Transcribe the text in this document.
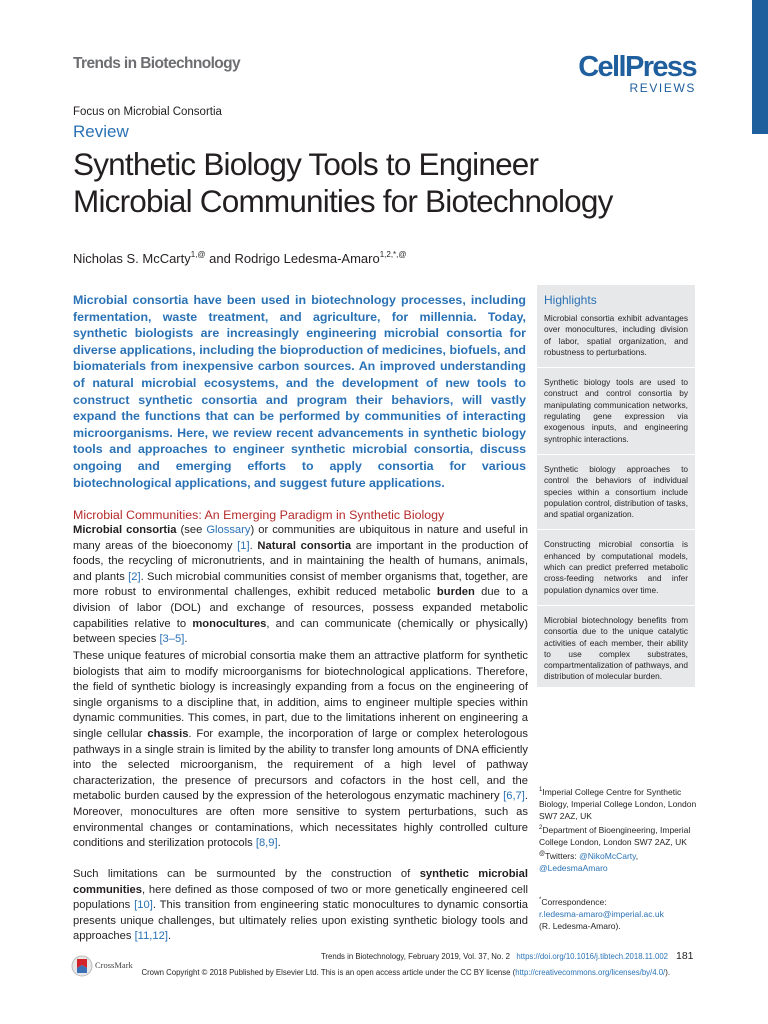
Trends in Biotechnology	CellPress
REVIEWS
Focus on Microbial Consortia
Review
Synthetic Biology Tools to Engineer
Microbial Communities for Biotechnology
Nicholas S. McCarty$^{1,@}$ and Rodrigo Ledesma-Amaro$^{1,2,*,@}$
Microbial consortia have been used in biotechnology processes, including fermentation, waste treatment, and agriculture, for millennia. Today, synthetic biologists are increasingly engineering microbial consortia for diverse applications, including the bioproduction of medicines, biofuels, and biomaterials from inexpensive carbon sources. An improved understanding of natural microbial ecosystems, and the development of new tools to construct synthetic consortia and program their behaviors, will vastly expand the functions that can be performed by communities of interacting microorganisms. Here, we review recent advancements in synthetic biology tools and approaches to engineer synthetic microbial consortia, discuss ongoing and emerging efforts to apply consortia for various biotechnological applications, and suggest future applications.
Microbial Communities: An Emerging Paradigm in Synthetic Biology
Microbial consortia (see Glossary) or communities are ubiquitous in nature and useful in many areas of the bioeconomy [1]. Natural consortia are important in the production of foods, the recycling of micronutrients, and in maintaining the health of humans, animals, and plants [2]. Such microbial communities consist of member organisms that, together, are more robust to environmental challenges, exhibit reduced metabolic burden due to a division of labor (DOL) and exchange of resources, possess expanded metabolic capabilities relative to monocultures, and can communicate (chemically or physically) between species [3–5].
These unique features of microbial consortia make them an attractive platform for synthetic biologists that aim to modify microorganisms for biotechnological applications. Therefore, the field of synthetic biology is increasingly expanding from a focus on the engineering of single organisms to a discipline that, in addition, aims to engineer multiple species within dynamic communities. This comes, in part, due to the limitations inherent on engineering a single cellular chassis. For example, the incorporation of large or complex heterologous pathways in a single strain is limited by the ability to transfer long amounts of DNA efficiently into the selected microorganism, the requirement of a high level of pathway characterization, the presence of precursors and cofactors in the host cell, and the metabolic burden caused by the expression of the heterologous enzymatic machinery [6,7]. Moreover, monocultures are often more sensitive to system perturbations, such as environmental changes or contaminations, which necessitates highly controlled culture conditions and sterilization protocols [8,9].
Such limitations can be surmounted by the construction of synthetic microbial communities, here defined as those composed of two or more genetically engineered cell populations [10]. This transition from engineering static monocultures to dynamic consortia presents unique challenges, but ultimately relies upon existing synthetic biology tools and approaches [11,12].
Highlights
Microbial consortia exhibit advantages over monocultures, including division of labor, spatial organization, and robustness to perturbations.
Synthetic biology tools are used to construct and control consortia by manipulating communication networks, regulating gene expression via exogenous inputs, and engineering syntrophic interactions.
Synthetic biology approaches to control the behaviors of individual species within a consortium include population control, distribution of tasks, and spatial organization.
Constructing microbial consortia is enhanced by computational models, which can predict preferred metabolic cross-feeding networks and infer population dynamics over time.
Microbial biotechnology benefits from consortia due to the unique catalytic activities of each member, their ability to use complex substrates, compartmentalization of pathways, and distribution of molecular burden.
$^1$Imperial College Centre for Synthetic Biology, Imperial College London, London SW7 2AZ, UK
$^2$Department of Bioengineering, Imperial College London, London SW7 2AZ, UK
@Twitters: @NikoMcCarty,
@LedesmaAmaro
*Correspondence:
r.ledesma-amaro@imperial.ac.uk
(R. Ledesma-Amaro).
CrossMark
Trends in Biotechnology, February 2019, Vol. 37, No. 2 https://doi.org/10.1016/j.tibtech.2018.11.002 181
Crown Copyright © 2018 Published by Elsevier Ltd. This is an open access article under the CC BY license (http://creativecommons.org/licenses/by/4.0/).
